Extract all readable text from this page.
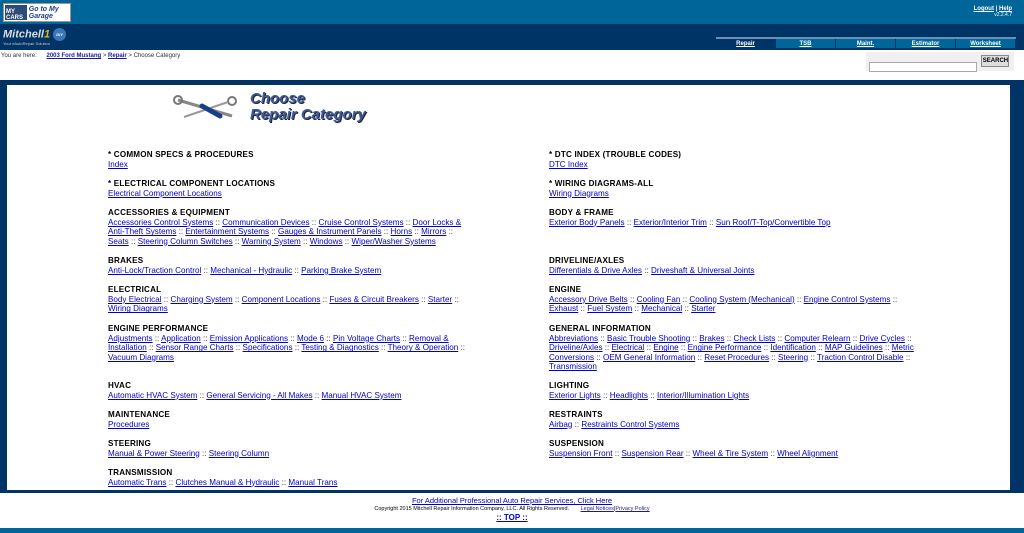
MY CARS
Go to My Garage
Logout | Help
v2.2.4.7
Mitchell1 DIY
Your eAutoRepair Solution	Repair	TSB	Maint.	Estimator	Worksheet
You are here: 2003 Ford Mustang > Repair > Choose Category
SEARCH
Choose
Repair Category
* COMMON SPECS & PROCEDURES
Index
* ELECTRICAL COMPONENT LOCATIONS
Electrical Component Locations
ACCESSORIES & EQUIPMENT
Accessories Control Systems :: Communication Devices :: Cruise Control Systems :: Door Locks & Anti-Theft Systems :: Entertainment Systems :: Gauges & Instrument Panels :: Horns :: Mirrors :: Seats :: Steering Column Switches :: Warning System :: Windows :: Wiper/Washer Systems
BRAKES
Anti-Lock/Traction Control :: Mechanical - Hydraulic :: Parking Brake System
ELECTRICAL
Body Electrical :: Charging System :: Component Locations :: Fuses & Circuit Breakers :: Starter :: Wiring Diagrams
ENGINE PERFORMANCE
Adjustments :: Application :: Emission Applications :: Mode 6 :: Pin Voltage Charts :: Removal & Installation :: Sensor Range Charts :: Specifications :: Testing & Diagnostics :: Theory & Operation :: Vacuum Diagrams
HVAC
Automatic HVAC System :: General Servicing - All Makes :: Manual HVAC System
MAINTENANCE
Procedures
STEERING
Manual & Power Steering :: Steering Column
TRANSMISSION
Automatic Trans :: Clutches Manual & Hydraulic :: Manual Trans
* DTC INDEX (TROUBLE CODES)
DTC Index
* WIRING DIAGRAMS-ALL
Wiring Diagrams
BODY & FRAME
Exterior Body Panels :: Exterior/Interior Trim :: Sun Roof/T-Top/Convertible Top
DRIVELINE/AXLES
Differentials & Drive Axles :: Driveshaft & Universal Joints
ENGINE
Accessory Drive Belts :: Cooling Fan :: Cooling System (Mechanical) :: Engine Control Systems :: Exhaust :: Fuel System :: Mechanical :: Starter
GENERAL INFORMATION
Abbreviations :: Basic Trouble Shooting :: Brakes :: Check Lists :: Computer Relearn :: Drive Cycles :: Driveline/Axles :: Electrical :: Engine :: Engine Performance :: Identification :: MAP Guidelines :: Metric Conversions :: OEM General Information :: Reset Procedures :: Steering :: Traction Control Disable :: Transmission
LIGHTING
Exterior Lights :: Headlights :: Interior/Illumination Lights
RESTRAINTS
Airbag :: Restraints Control Systems
SUSPENSION
Suspension Front :: Suspension Rear :: Wheel & Tire System :: Wheel Alignment
For Additional Professional Auto Repair Services, Click Here
Copyright 2015 Mitchell Repair Information Company, LLC. All Rights Reserved. Legal Notices|Privacy Policy
:: TOP ::
